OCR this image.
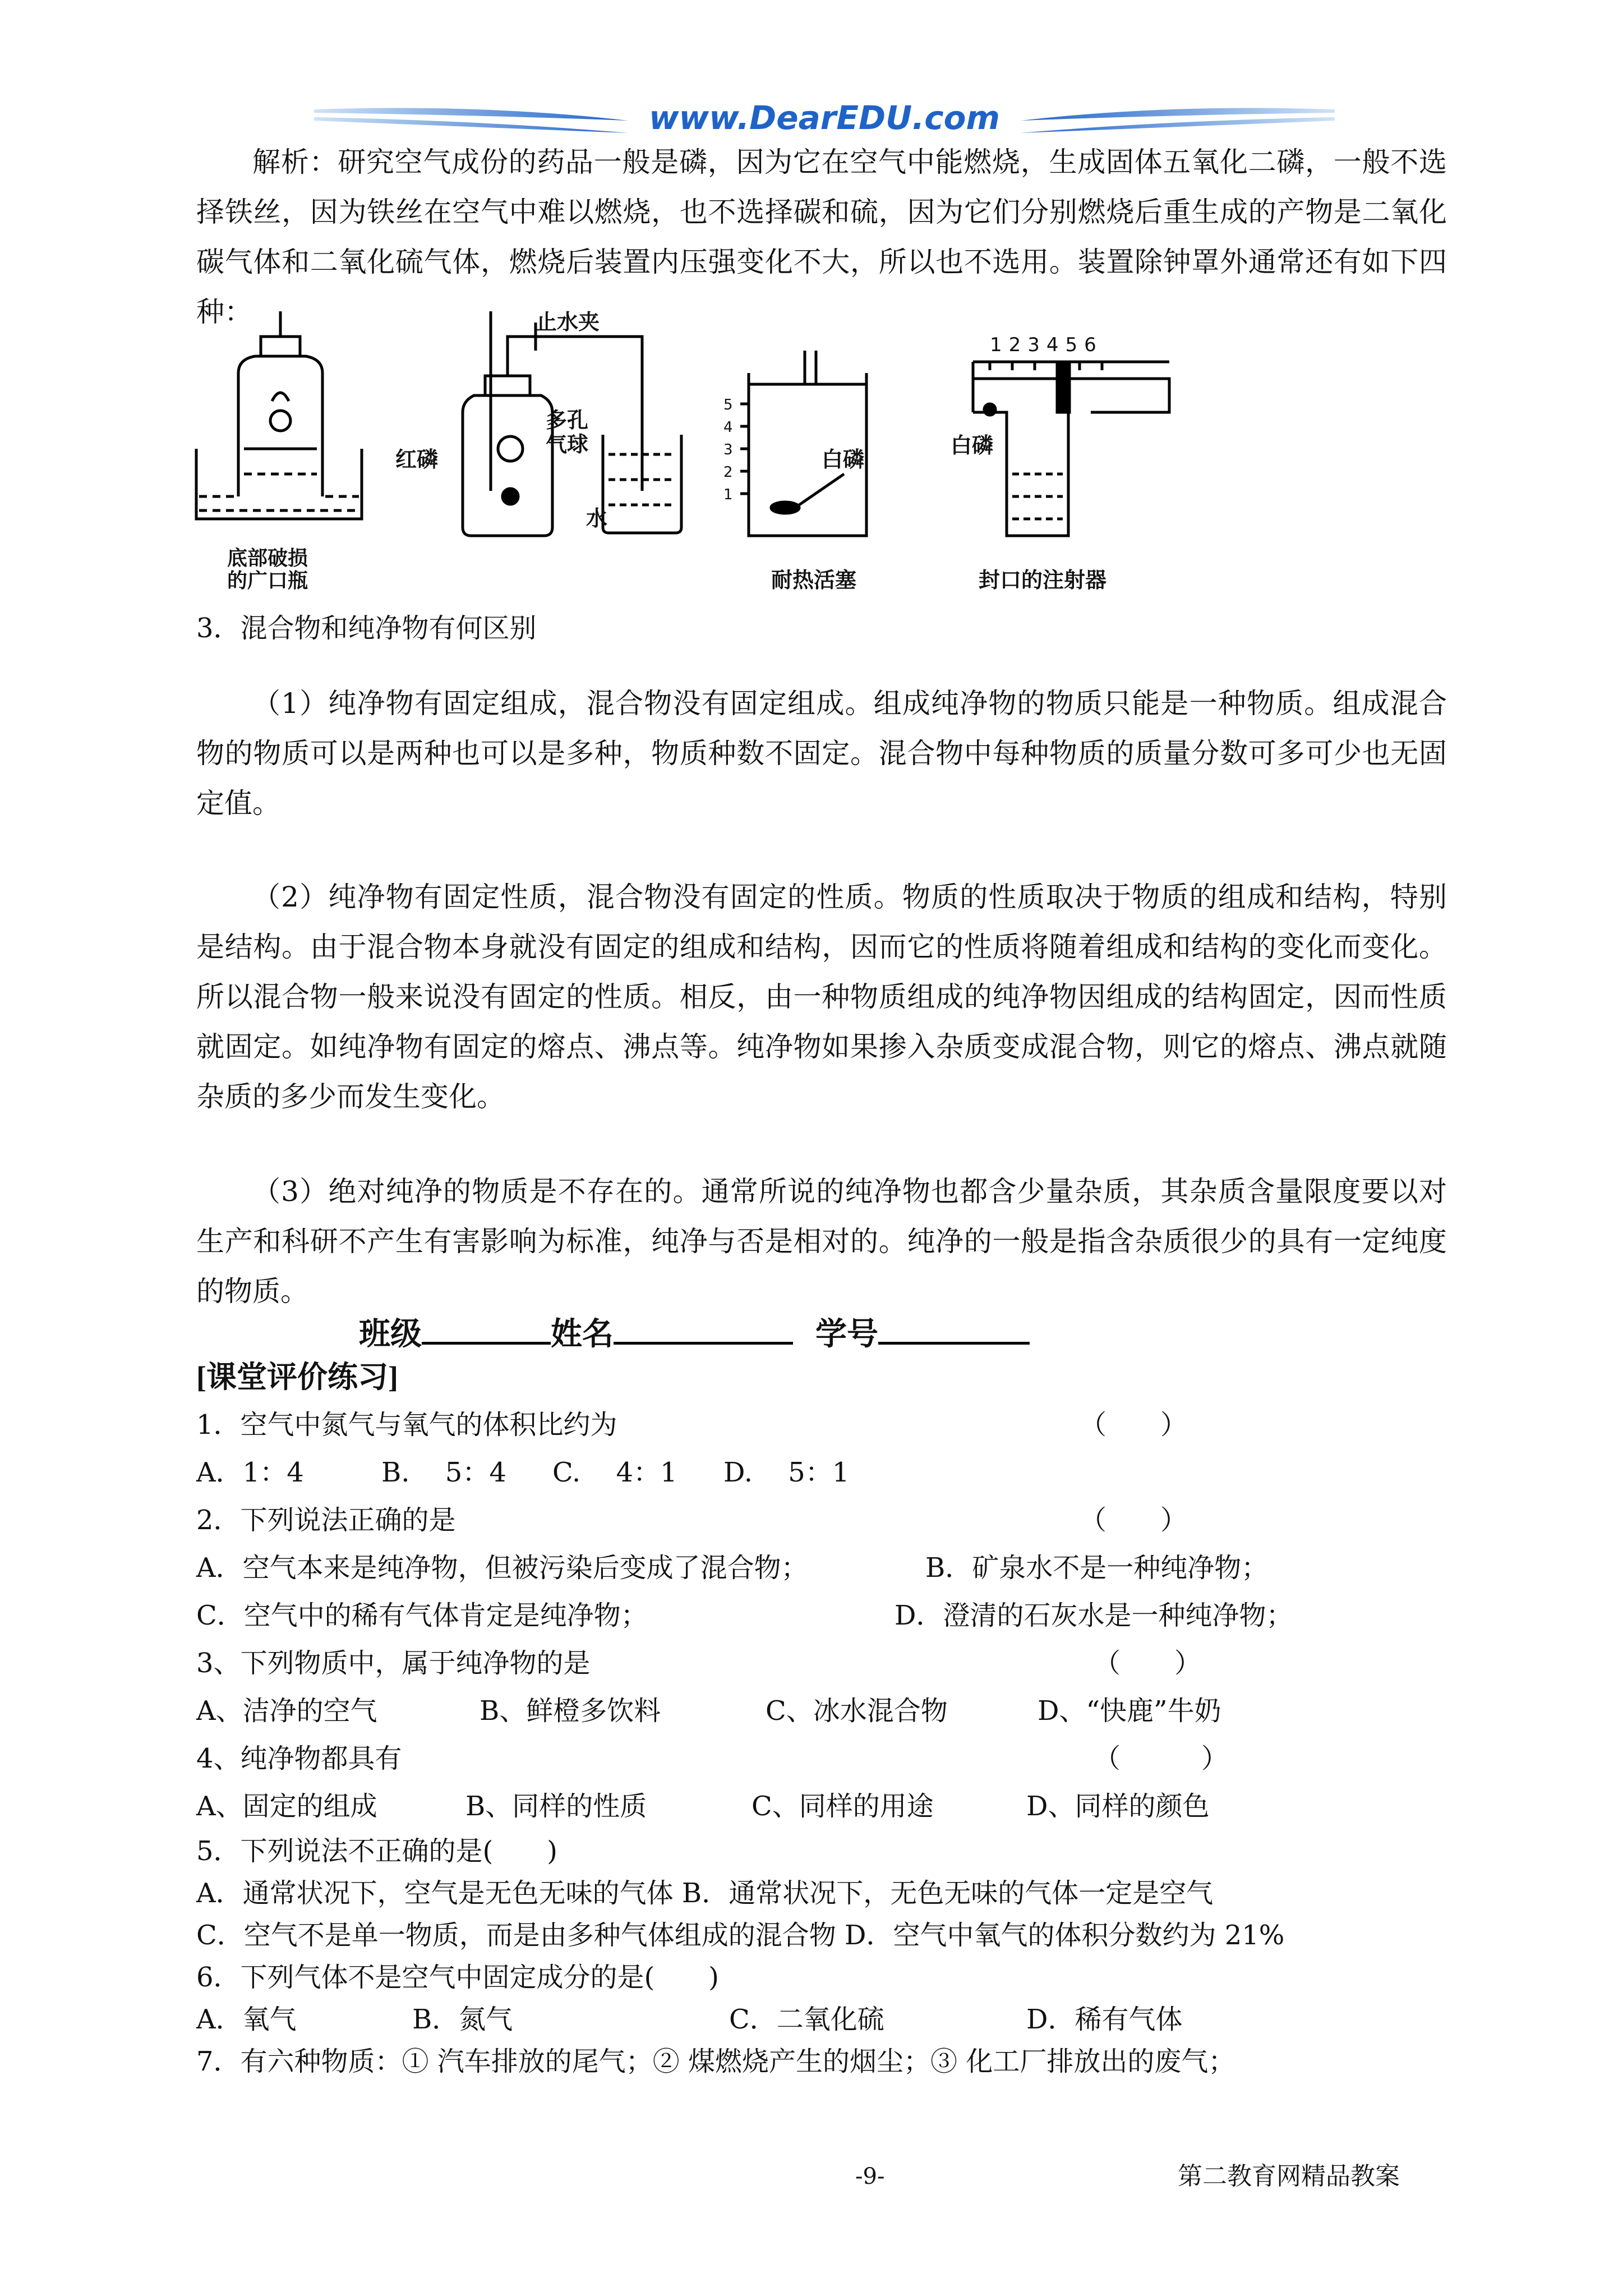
www.DearEDU.com
解析：研究空气成份的药品一般是磷，因为它在空气中能燃烧，生成固体五氧化二磷，一般不选择铁丝，因为铁丝在空气中难以燃烧，也不选择碳和硫，因为它们分别燃烧后重生成的产物是二氧化碳气体和二氧化硫气体，燃烧后装置内压强变化不大，所以也不选用。装置除钟罩外通常还有如下四种：
底部破损
的广口瓶
止水夹
多孔
气球
红磷
水
5
4
3
2
1
白磷
耐热活塞
123456
白磷
封口的注射器
3．混合物和纯净物有何区别
（1）纯净物有固定组成，混合物没有固定组成。组成纯净物的物质只能是一种物质。组成混合物的物质可以是两种也可以是多种，物质种数不固定。混合物中每种物质的质量分数可多可少也无固定值。
（2）纯净物有固定性质，混合物没有固定的性质。物质的性质取决于物质的组成和结构，特别是结构。由于混合物本身就没有固定的组成和结构，因而它的性质将随着组成和结构的变化而变化。所以混合物一般来说没有固定的性质。相反，由一种物质组成的纯净物因组成的结构固定，因而性质就固定。如纯净物有固定的熔点、沸点等。纯净物如果掺入杂质变成混合物，则它的熔点、沸点就随杂质的多少而发生变化。
（3）绝对纯净的物质是不存在的。通常所说的纯净物也都含少量杂质，其杂质含量限度要以对生产和科研不产生有害影响为标准，纯净与否是相对的。纯净的一般是指含杂质很少的具有一定纯度的物质。
班级	姓名	学号
[课堂评价练习]
1．空气中氮气与氧气的体积比约为	（　　）
A．1：4	B.　 5：4 C.　 4：1 D.　 5：1
2．下列说法正确的是	（　　）
A．空气本来是纯净物，但被污染后变成了混合物；	B．矿泉水不是一种纯净物；
C．空气中的稀有气体肯定是纯净物；	D．澄清的石灰水是一种纯净物；
3、下列物质中，属于纯净物的是	（　　）
A、洁净的空气	B、鲜橙多饮料	C、冰水混合物	D、“快鹿”牛奶
4、纯净物都具有	（　　　）
A、固定的组成	B、同样的性质	C、同样的用途	D、同样的颜色
5．下列说法不正确的是(　　)
A．通常状况下，空气是无色无味的气体 B．通常状况下，无色无味的气体一定是空气
C．空气不是单一物质，而是由多种气体组成的混合物 D．空气中氧气的体积分数约为 21%
6．下列气体不是空气中固定成分的是(　　)
A．氧气	B．氮气	C．二氧化硫	D．稀有气体
7．有六种物质：① 汽车排放的尾气；② 煤燃烧产生的烟尘；③ 化工厂排放出的废气；
-9-	第二教育网精品教案
